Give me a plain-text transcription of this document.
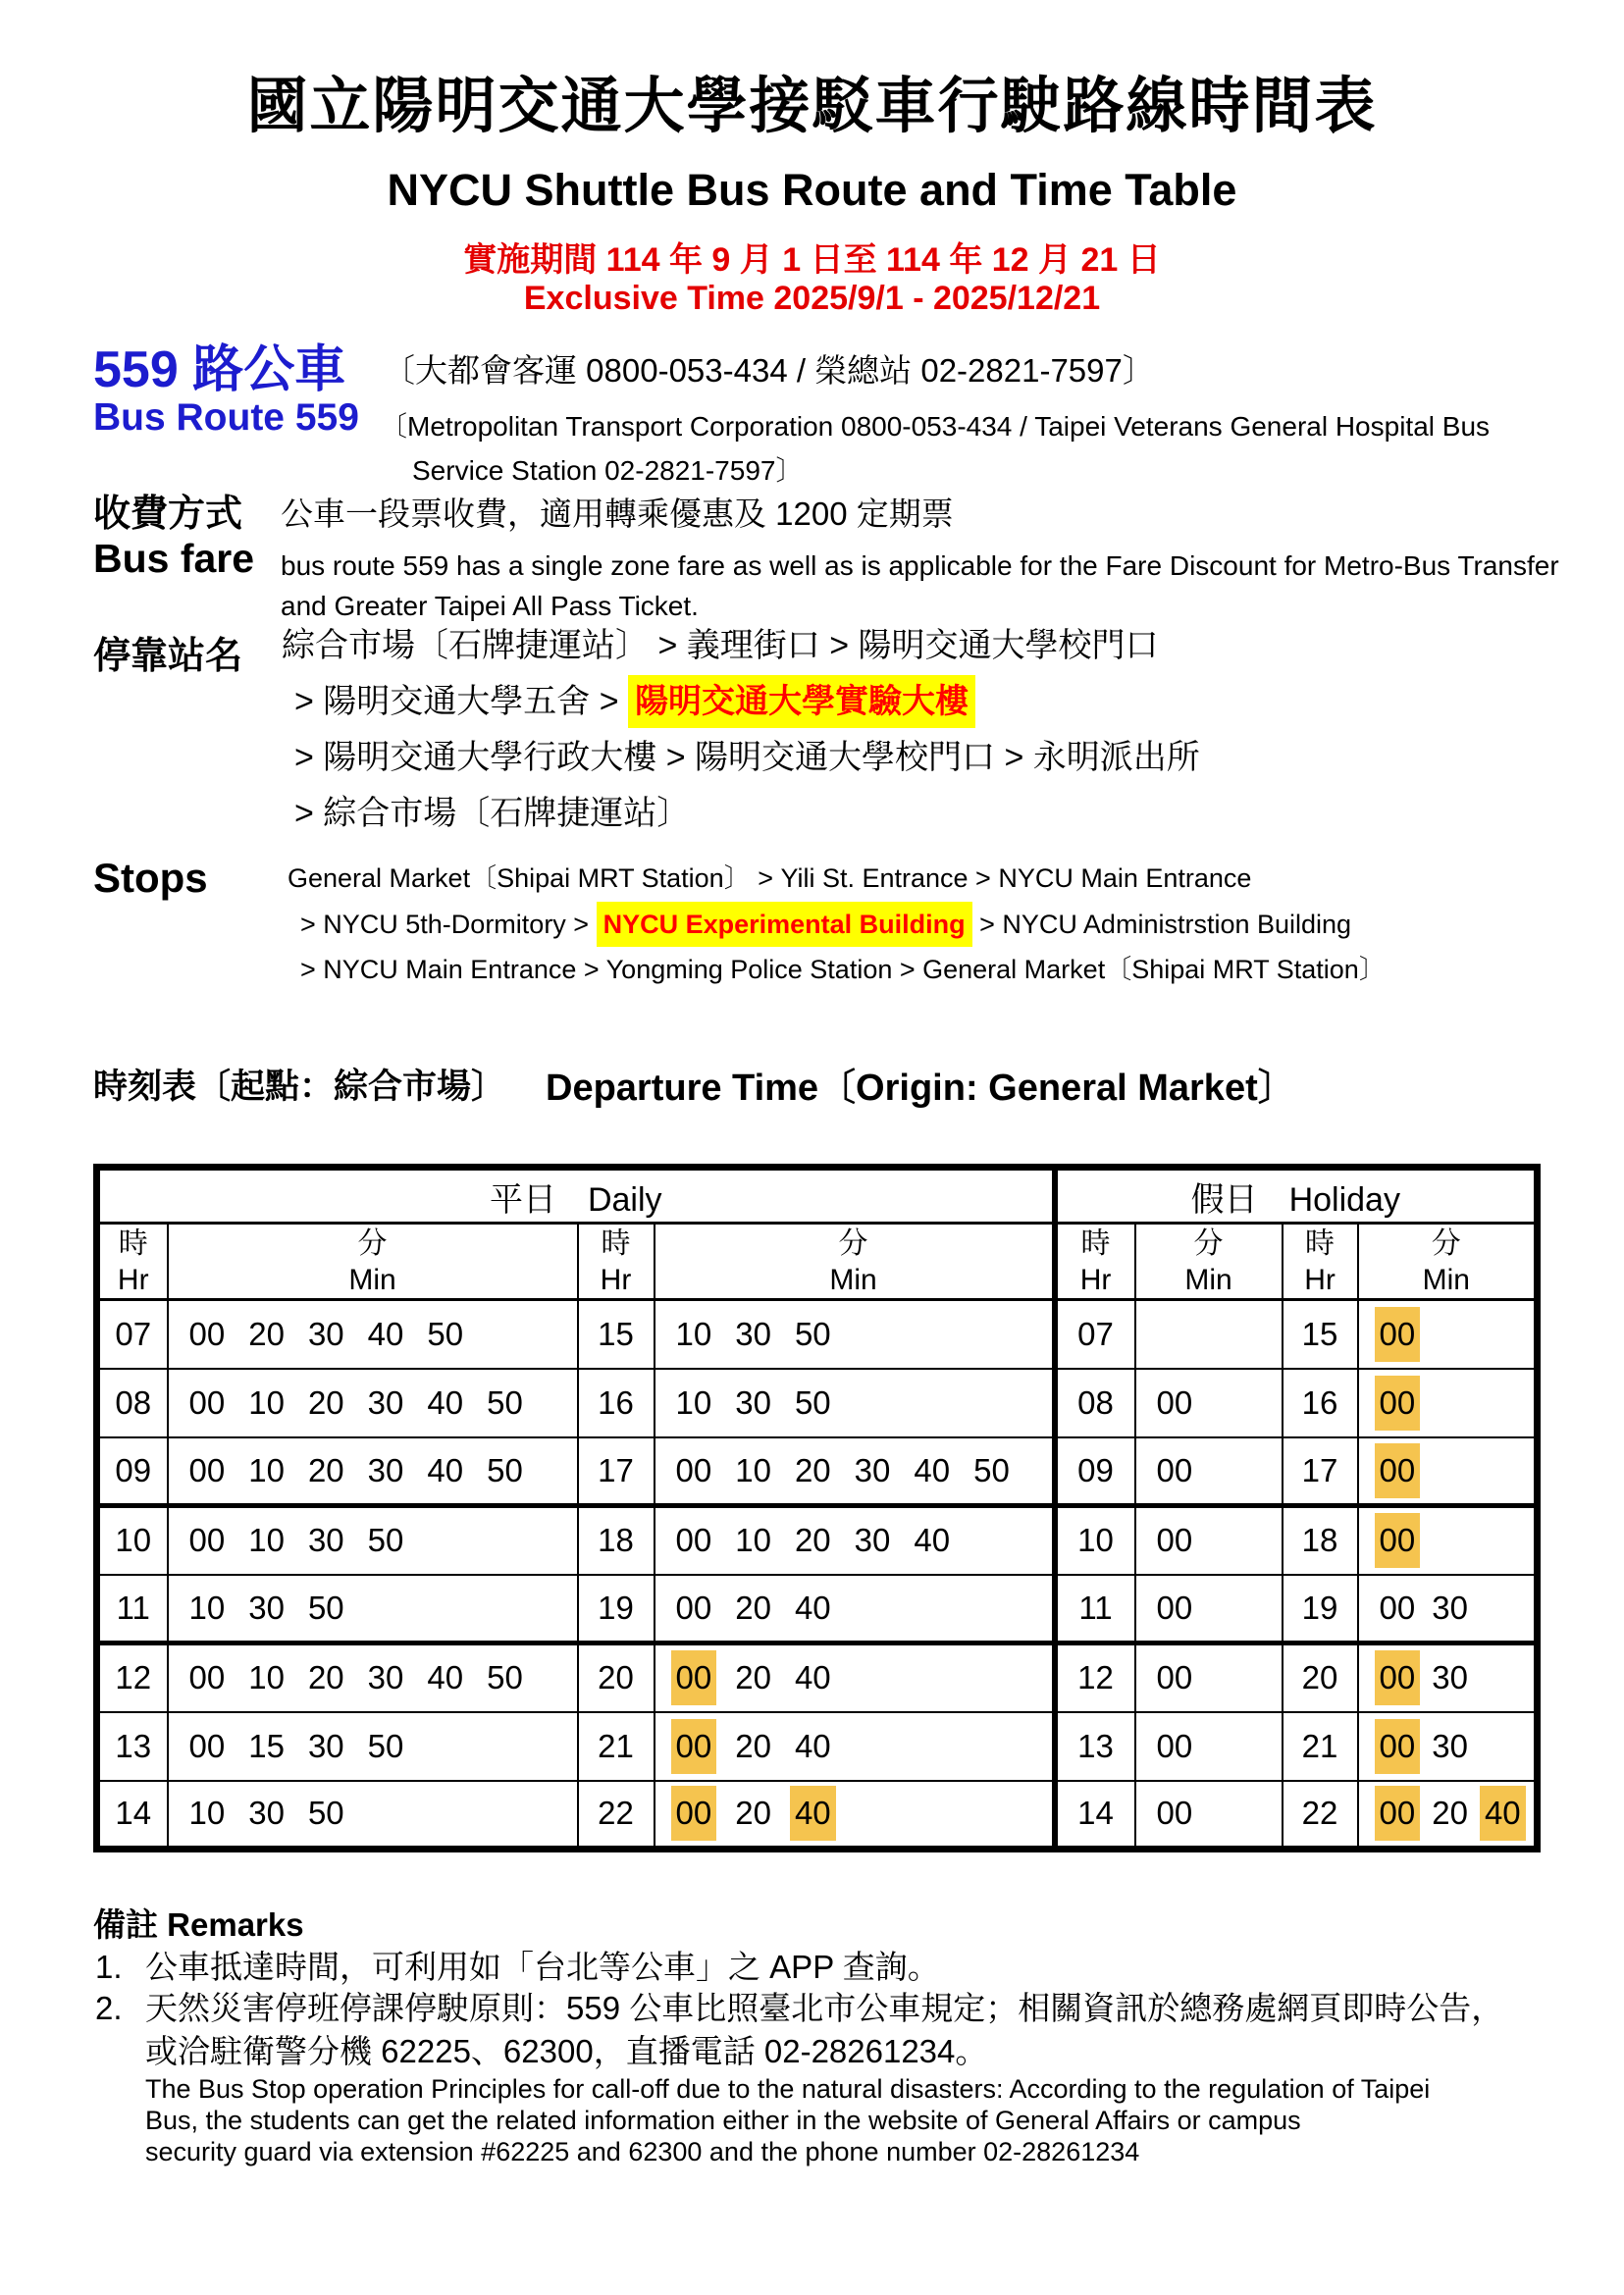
國立陽明交通大學接駁車行駛路線時間表
NYCU Shuttle Bus Route and Time Table
實施期間 114 年 9 月 1 日至 114 年 12 月 21 日
Exclusive Time 2025/9/1 - 2025/12/21
559 路公車 〔大都會客運 0800-053-434 / 榮總站 02-2821-7597〕
Bus Route 559 〔Metropolitan Transport Corporation 0800-053-434 / Taipei Veterans General Hospital Bus Service Station 02-2821-7597〕
收費方式 公車一段票收費，適用轉乘優惠及 1200 定期票
Bus fare bus route 559 has a single zone fare as well as is applicable for the Fare Discount for Metro-Bus Transfer
and Greater Taipei All Pass Ticket.
停靠站名 綜合市場〔石牌捷運站〕 > 義理街口 > 陽明交通大學校門口
> 陽明交通大學五舍 > 陽明交通大學實驗大樓
> 陽明交通大學行政大樓 > 陽明交通大學校門口 > 永明派出所
> 綜合市場〔石牌捷運站〕
Stops	General Market〔Shipai MRT Station〕 > Yili St. Entrance > NYCU Main Entrance
> NYCU 5th-Dormitory > NYCU Experimental Building > NYCU Administrstion Building
> NYCU Main Entrance > Yongming Police Station > General Market〔Shipai MRT Station〕
時刻表〔起點：綜合市場〕 Departure Time〔Origin: General Market〕
平日 Daily				假日 Holiday			

時
Hr

分
Min

時
Hr

分
Min

時
Hr

分
Min

時
Hr

分
Min

07	00 20 30 40 50	15	10 30 50	07		15	00
08	00 10 20 30 40 50	16	10 30 50	08	00	16	00
09	00 10 20 30 40 50	17	00 10 20 30 40 50	09	00	17	00
10	00 10 30 50	18	00 10 20 30 40	10	00	18	00
11	10 30 50	19	00 20 40	11	00	19	00 30
12	00 10 20 30 40 50	20	00 20 40	12	00	20	00 30
13	00 15 30 50	21	00 20 40	13	00	21	00 30
14	10 30 50	22	00 20 40	14	00	22	00 20 40
備註 Remarks
1. 公車抵達時間，可利用如「台北等公車」之 APP 查詢。
2. 天然災害停班停課停駛原則：559 公車比照臺北市公車規定；相關資訊於總務處網頁即時公告，
或洽駐衛警分機 62225、62300，直播電話 02-28261234。
The Bus Stop operation Principles for call-off due to the natural disasters: According to the regulation of Taipei
Bus, the students can get the related information either in the website of General Affairs or campus
security guard via extension #62225 and 62300 and the phone number 02-28261234
